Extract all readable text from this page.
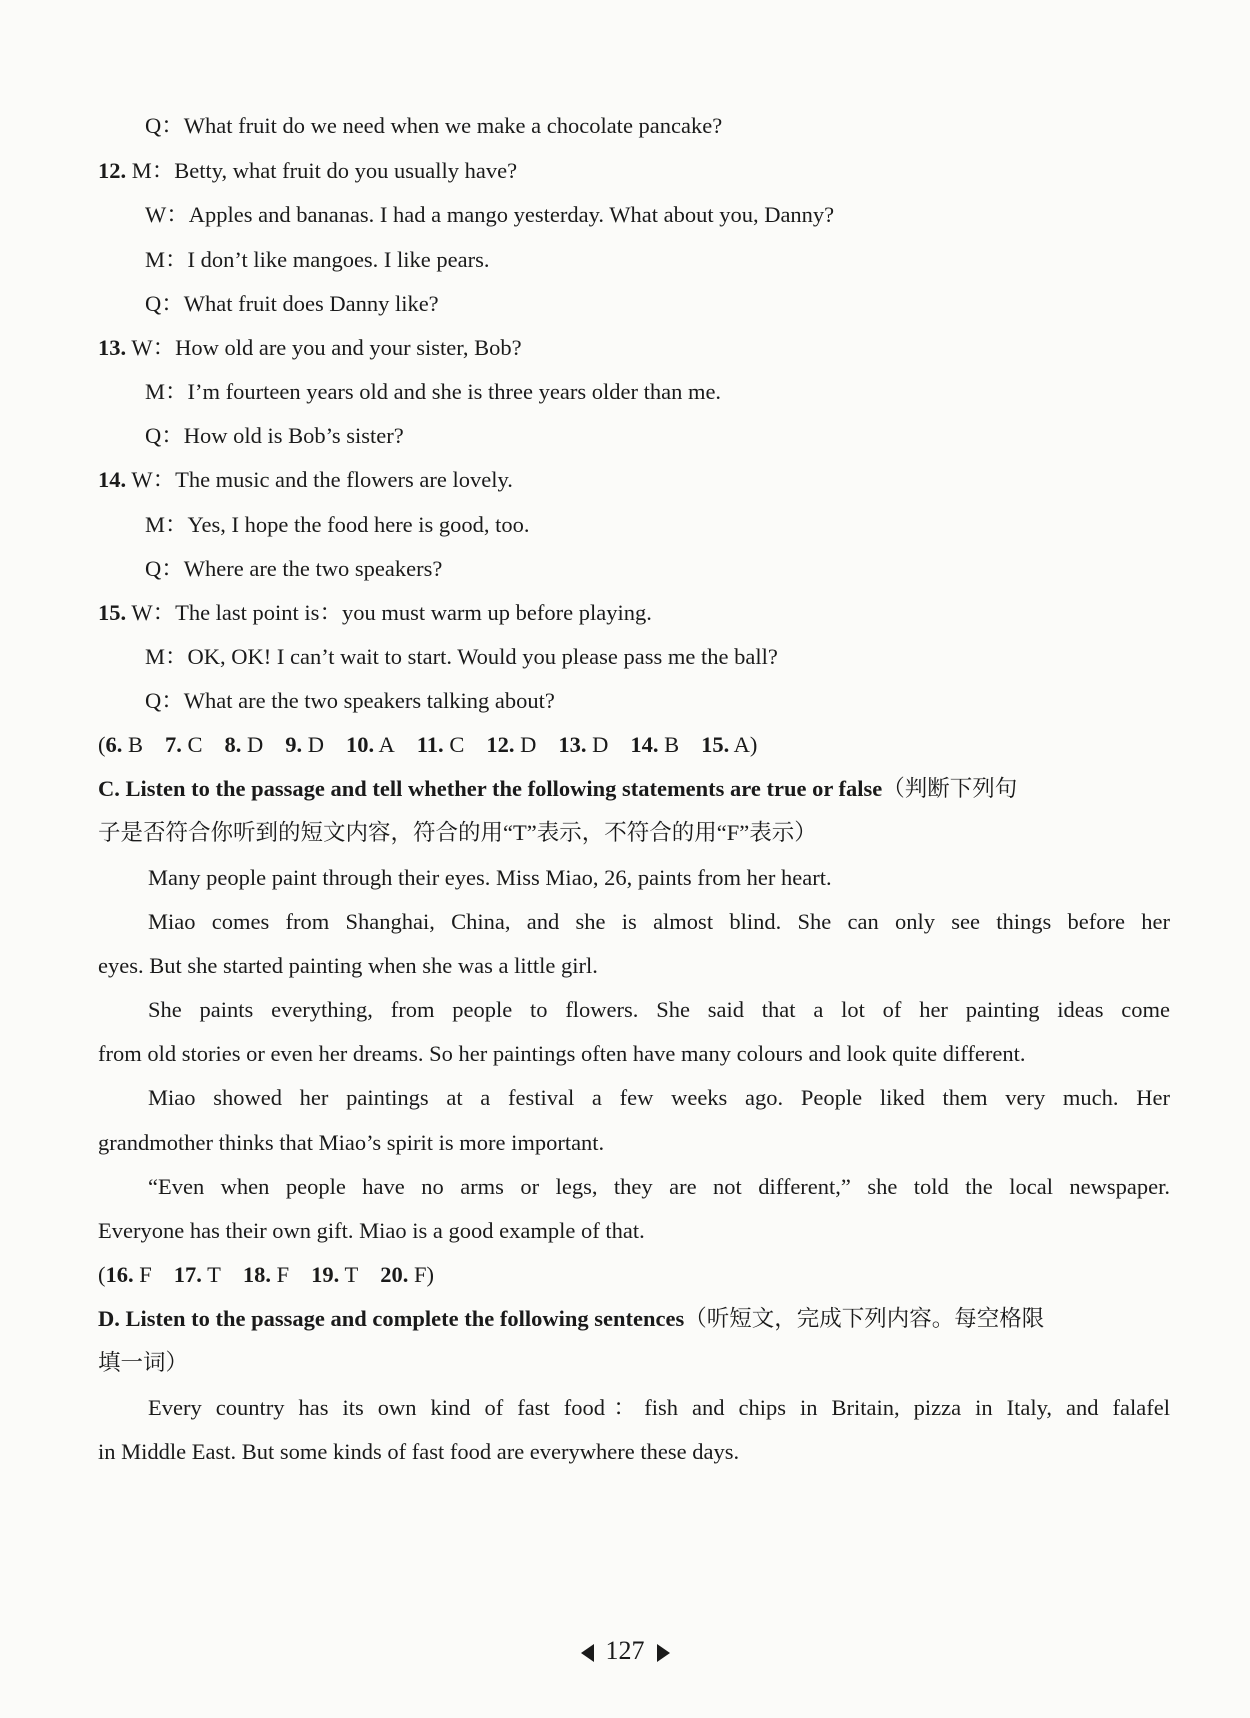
Q：What fruit do we need when we make a chocolate pancake?
12. M：Betty, what fruit do you usually have?
W：Apples and bananas. I had a mango yesterday. What about you, Danny?
M：I don’t like mangoes. I like pears.
Q：What fruit does Danny like?
13. W：How old are you and your sister, Bob?
M：I’m fourteen years old and she is three years older than me.
Q：How old is Bob’s sister?
14. W：The music and the flowers are lovely.
M：Yes, I hope the food here is good, too.
Q：Where are the two speakers?
15. W：The last point is：you must warm up before playing.
M：OK, OK! I can’t wait to start. Would you please pass me the ball?
Q：What are the two speakers talking about?
(6. B 7. C 8. D 9. D 10. A 11. C 12. D 13. D 14. B 15. A)
C. Listen to the passage and tell whether the following statements are true or false（判断下列句
子是否符合你听到的短文内容，符合的用“T”表示，不符合的用“F”表示）
Many people paint through their eyes. Miss Miao, 26, paints from her heart.
Miao comes from Shanghai, China, and she is almost blind. She can only see things before her
eyes. But she started painting when she was a little girl.
She paints everything, from people to flowers. She said that a lot of her painting ideas come
from old stories or even her dreams. So her paintings often have many colours and look quite different.
Miao showed her paintings at a festival a few weeks ago. People liked them very much. Her
grandmother thinks that Miao’s spirit is more important.
“Even when people have no arms or legs, they are not different,” she told the local newspaper.
Everyone has their own gift. Miao is a good example of that.
(16. F 17. T 18. F 19. T 20. F)
D. Listen to the passage and complete the following sentences（听短文，完成下列内容。每空格限
填一词）
Every country has its own kind of fast food：fish and chips in Britain, pizza in Italy, and falafel
in Middle East. But some kinds of fast food are everywhere these days.
127
